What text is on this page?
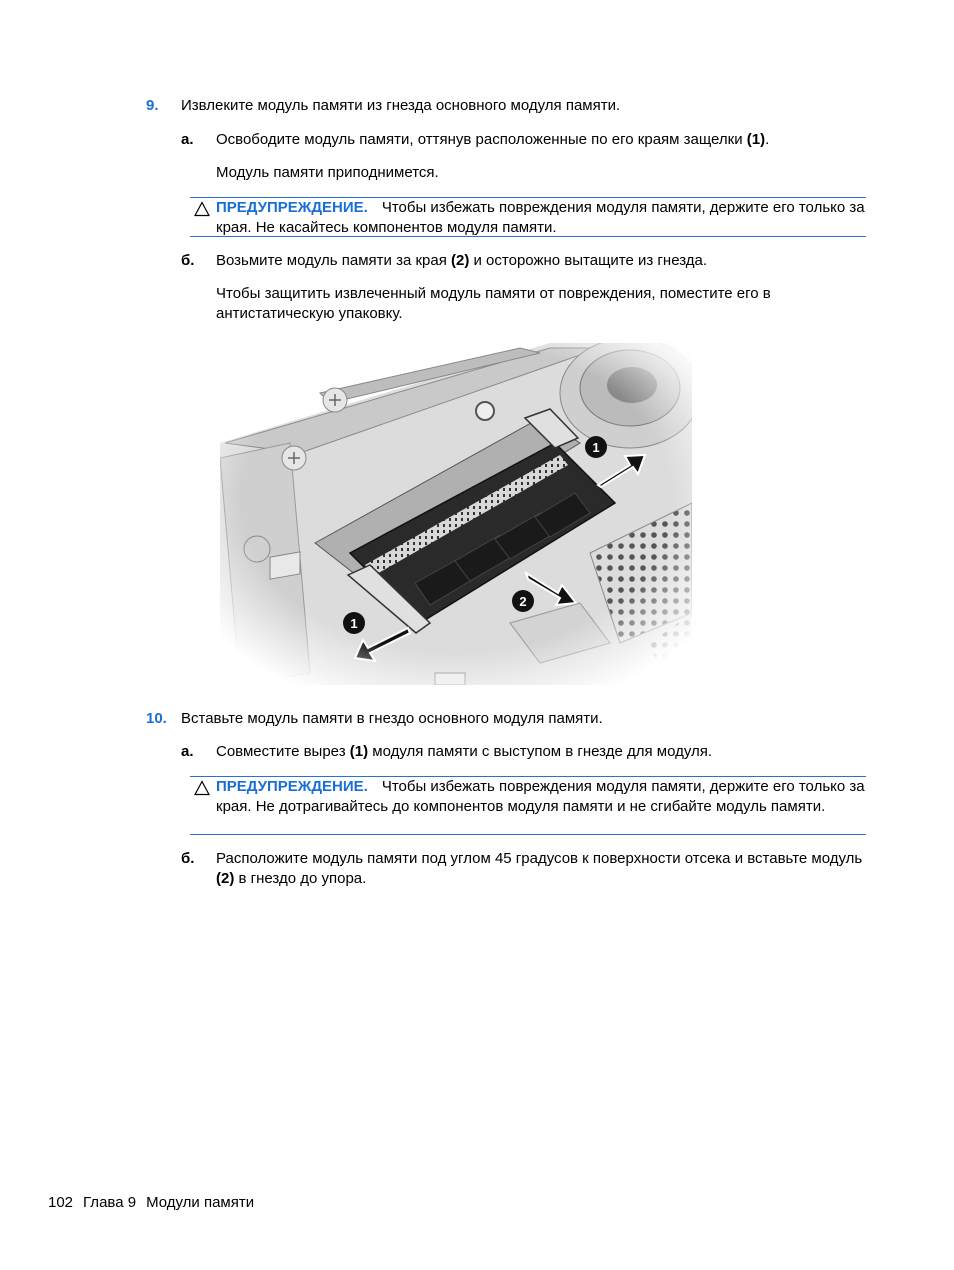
9. Извлеките модуль памяти из гнезда основного модуля памяти.
а. Освободите модуль памяти, оттянув расположенные по его краям защелки (1).
Модуль памяти приподнимется.
ПРЕДУПРЕЖДЕНИЕ. Чтобы избежать повреждения модуля памяти, держите его только за края. Не касайтесь компонентов модуля памяти.
б. Возьмите модуль памяти за края (2) и осторожно вытащите из гнезда.
Чтобы защитить извлеченный модуль памяти от повреждения, поместите его в антистатическую упаковку.
10. Вставьте модуль памяти в гнездо основного модуля памяти.
а. Совместите вырез (1) модуля памяти с выступом в гнезде для модуля.
ПРЕДУПРЕЖДЕНИЕ. Чтобы избежать повреждения модуля памяти, держите его только за края. Не дотрагивайтесь до компонентов модуля памяти и не сгибайте модуль памяти.
б. Расположите модуль памяти под углом 45 градусов к поверхности отсека и вставьте модуль (2) в гнездо до упора.
102 Глава 9 Модули памяти
